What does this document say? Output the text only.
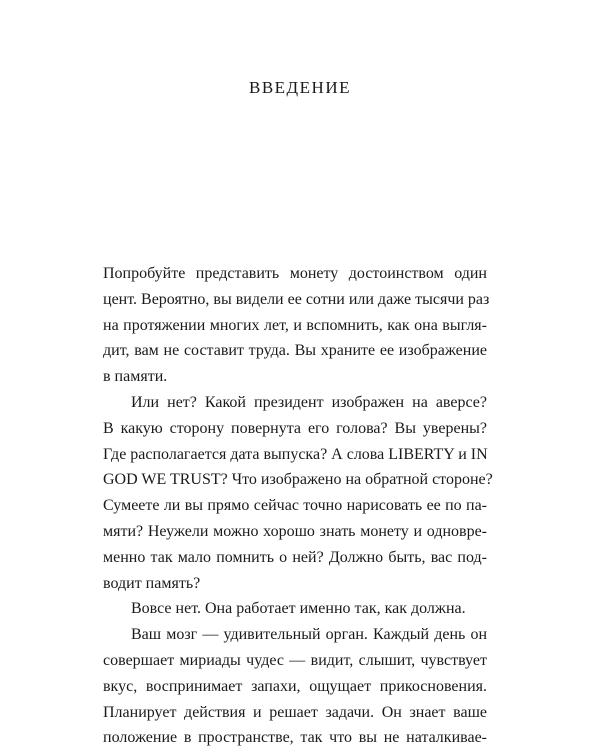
ВВЕДЕНИЕ
Попробуйте представить монету достоинством один
цент. Вероятно, вы видели ее сотни или даже тысячи раз
на протяжении многих лет, и вспомнить, как она выгля-
дит, вам не составит труда. Вы храните ее изображение
в памяти.
Или нет? Какой президент изображен на аверсе?
В какую сторону повернута его голова? Вы уверены?
Где располагается дата выпуска? А слова LIBERTY и IN
GOD WE TRUST? Что изображено на обратной стороне?
Сумеете ли вы прямо сейчас точно нарисовать ее по па-
мяти? Неужели можно хорошо знать монету и одновре-
менно так мало помнить о ней? Должно быть, вас под-
водит память?
Вовсе нет. Она работает именно так, как должна.
Ваш мозг — удивительный орган. Каждый день он
совершает мириады чудес — видит, слышит, чувствует
вкус, воспринимает запахи, ощущает прикосновения.
Планирует действия и решает задачи. Он знает ваше
положение в пространстве, так что вы не наталкивае-
